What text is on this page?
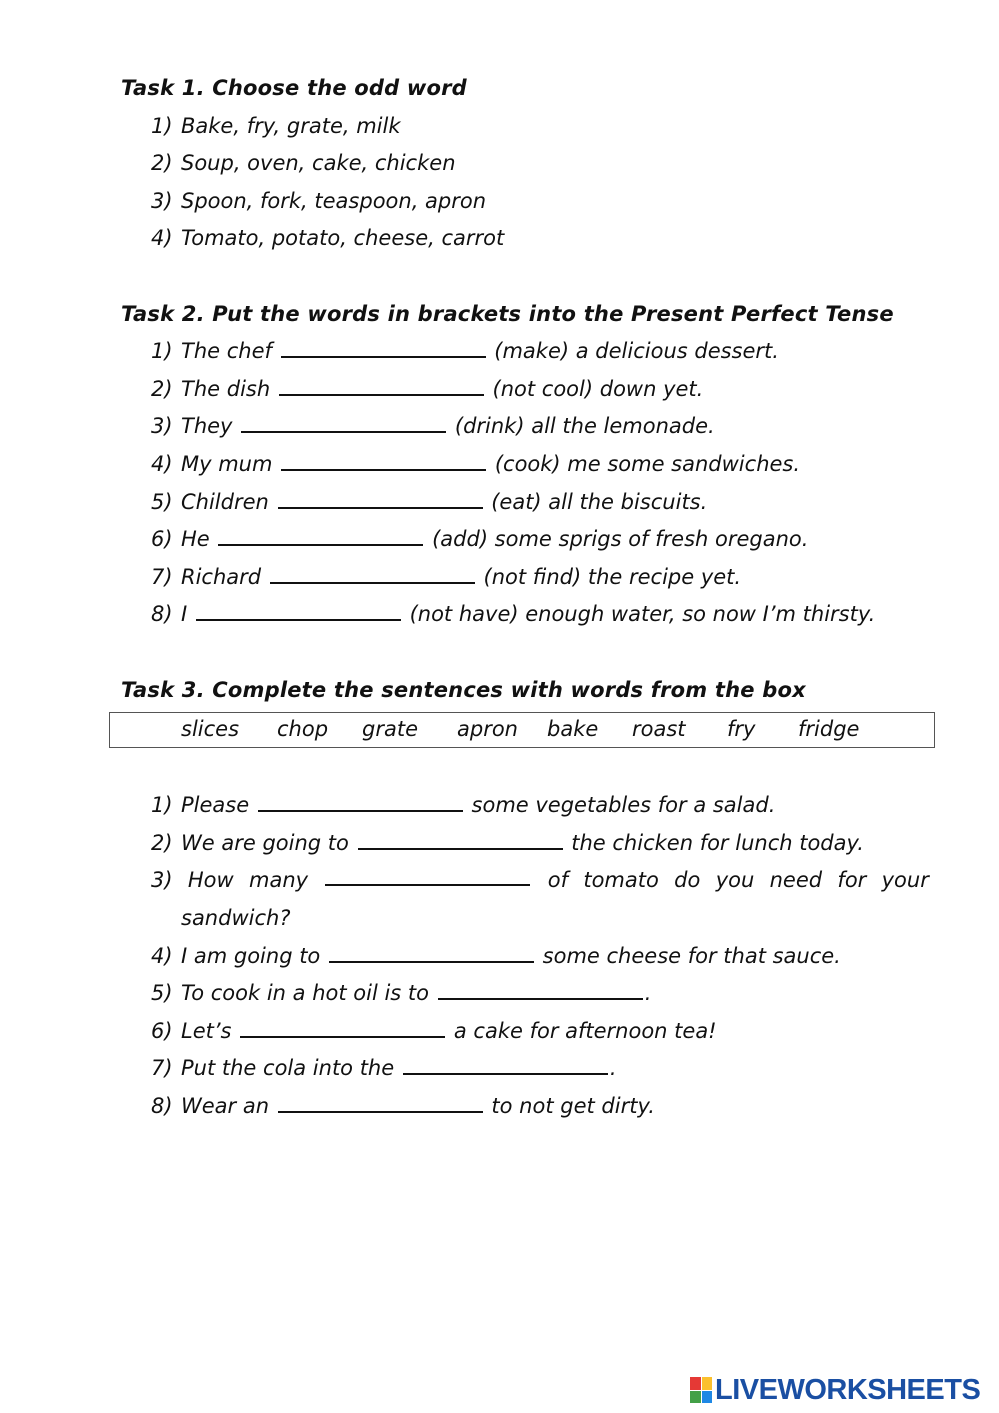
Task 1. Choose the odd word
1) Bake, fry, grate, milk
2) Soup, oven, cake, chicken
3) Spoon, fork, teaspoon, apron
4) Tomato, potato, cheese, carrot
Task 2. Put the words in brackets into the Present Perfect Tense
1) The chef	(make) a delicious dessert.
2) The dish	(not cool) down yet.
3) They	(drink) all the lemonade.
4) My mum	(cook) me some sandwiches.
5) Children	(eat) all the biscuits.
6) He	(add) some sprigs of fresh oregano.
7) Richard	(not find) the recipe yet.
8) I	(not have) enough water, so now I’m thirsty.
Task 3. Complete the sentences with words from the box
slices chop grate apron bake roast fry fridge
1) Please	some vegetables for a salad.
2) We are going to	the chicken for lunch today.
3) How many	of tomato do you need for your
sandwich?
4) I am going to	some cheese for that sauce.
5) To cook in a hot oil is to	.
6) Let’s	a cake for afternoon tea!
7) Put the cola into the	.
8) Wear an	to not get dirty.
LIVEWORKSHEETS
